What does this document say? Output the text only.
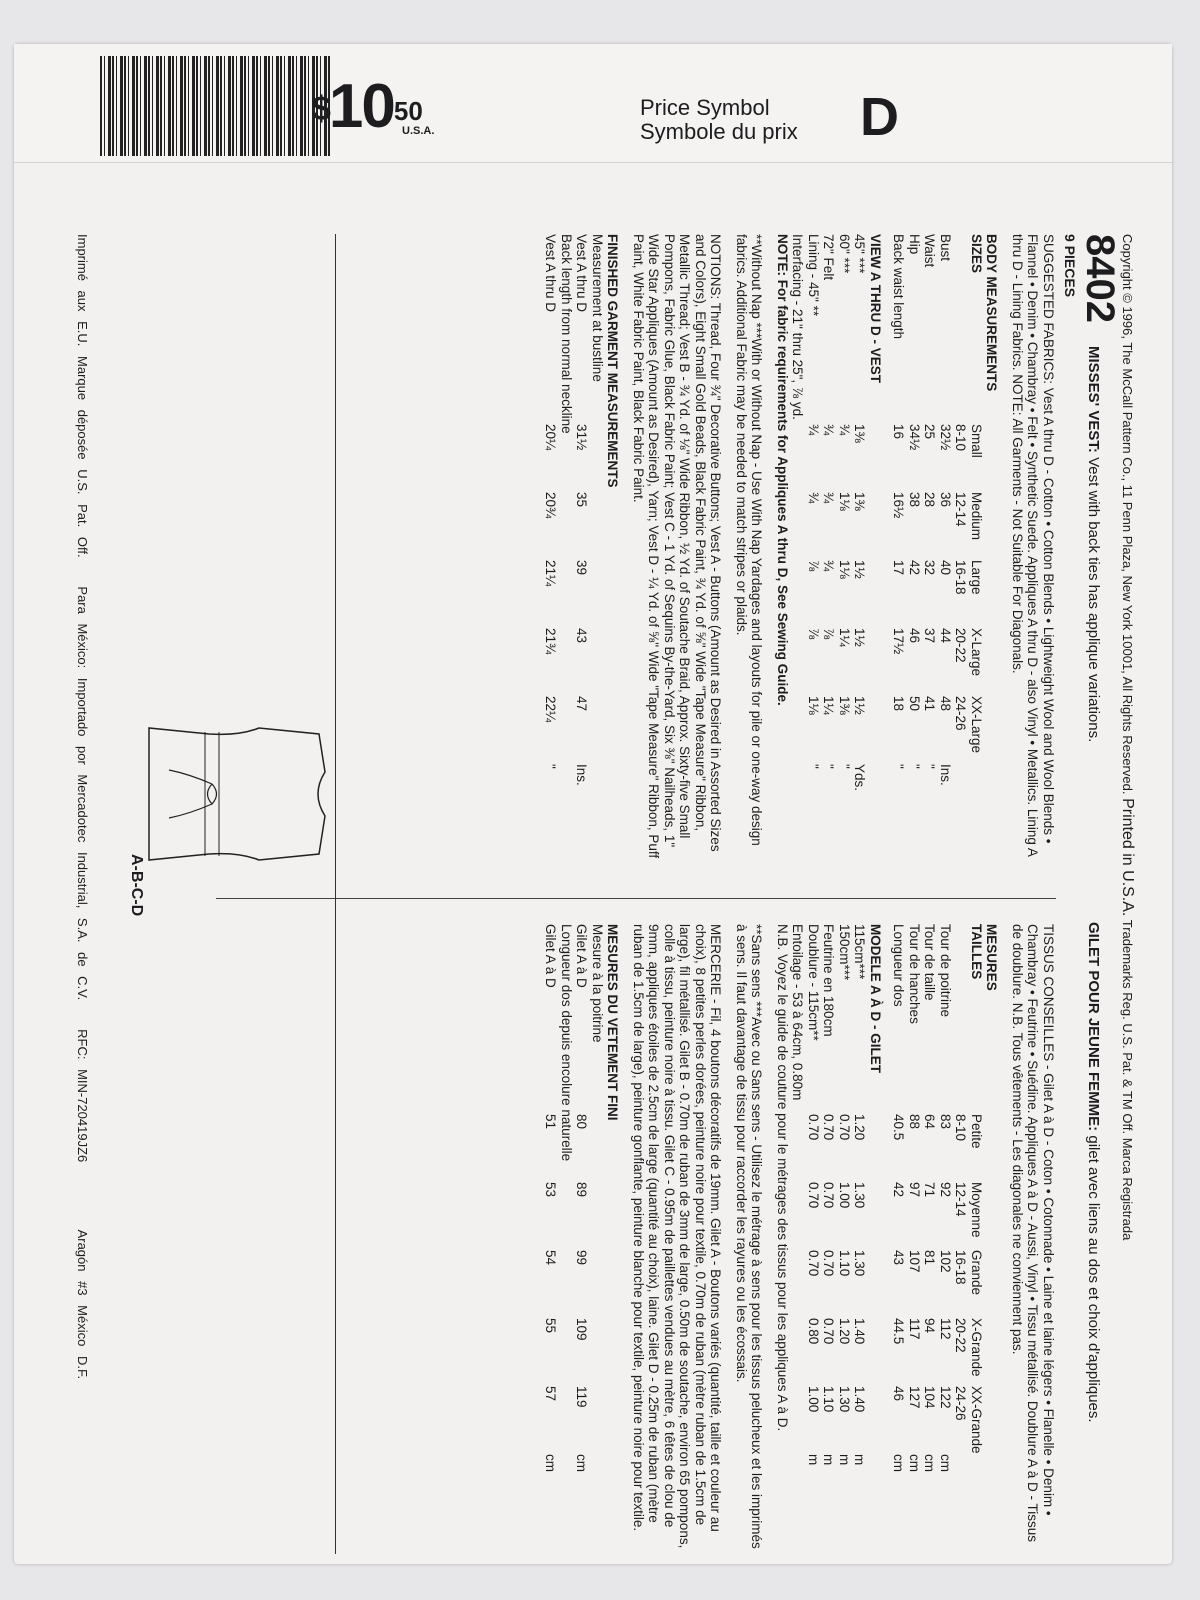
$^{\$}10^{50}$
U.S.A.
Price Symbol
Symbole du prix D
Copyright © 1996, The McCall Pattern Co., 11 Penn Plaza, New York 10001, All Rights Reserved. Printed in U.S.A. Trademarks Reg. U.S. Pat. & TM Off. Marca Registrada
8402
9 PIECES
MISSES' VEST: Vest with back ties has applique variations.
GILET POUR JEUNE FEMME: gilet avec liens au dos et choix d'appliques.

SUGGESTED FABRICS: Vest A thru D - Cotton • Cotton Blends • Lightweight Wool and Wool Blends • Flannel • Denim • Chambray • Felt • Synthetic Suede. Appliques A thru D - also Vinyl • Metallics. Lining A thru D - Lining Fabrics. NOTE: All Garments - Not Suitable For Diagonals.

BODY MEASUREMENTS
SIZES	Small	Medium	Large	X-Large	XX-Large	
	8-10	12-14	16-18	20-22	24-26	
Bust	32½	36	40	44	48	Ins.
Waist	25	28	32	37	41	"
Hip	34½	38	42	46	50	"
Back waist length	16	16½	17	17½	18	"
VIEW A THRU D - VEST
45" ***	1⅜	1⅜	1½	1½	1½	Yds.
60" ***	¾	1⅛	1⅛	1¼	1⅜	"
72" Felt	¾	¾	¾	⅞	1¼	"
Lining - 45" **	¾	¾	⅞	⅞	1⅛	"
Interfacing - 21" thru 25", ⅞ yd.

NOTE: For fabric requirements for Appliques A thru D, See Sewing Guide.

**Without Nap ***With or Without Nap - Use With Nap Yardages and layouts for pile or one-way design fabrics. Additional Fabric may be needed to match stripes or plaids.

NOTIONS: Thread, Four ¾" Decorative Buttons; Vest A - Buttons (Amount as Desired in Assorted Sizes and Colors), Eight Small Gold Beads, Black Fabric Paint, ¾ Yd. of ⅝" Wide "Tape Measure" Ribbon, Metallic Thread; Vest B - ¾ Yd. of ⅛" Wide Ribbon, ½ Yd. of Soutache Braid, Approx. Sixty-five Small Pompons, Fabric Glue, Black Fabric Paint; Vest C - 1 Yd. of Sequins By-the-Yard, Six ⅜" Nailheads, 1" Wide Star Appliques (Amount as Desired), Yarn; Vest D - ¼ Yd. of ⅝" Wide "Tape Measure" Ribbon, Puff Paint, White Fabric Paint, Black Fabric Paint.

FINISHED GARMENT MEASUREMENTS
Measurement at bustline						
Vest A thru D	31½	35	39	43	47	Ins.
Back length from normal neckline						
Vest A thru D	20¼	20¾	21¼	21¾	22¼	"

TISSUS CONSEILLES - Gilet A à D - Coton • Cotonnade • Laine et laine légers • Flanelle • Denim • Chambray • Feutrine • Suédine. Appliques A à D - Aussi, Vinyl • Tissu métallisé. Doublure A à D - Tissus de doublure. N.B. Tous vêtements - Les diagonales ne conviennent pas.

MESURES
TAILLES	Petite	Moyenne	Grande	X-Grande	XX-Grande	
	8-10	12-14	16-18	20-22	24-26	
Tour de poitrine	83	92	102	112	122	cm
Tour de taille	64	71	81	94	104	cm
Tour de hanches	88	97	107	117	127	cm
Longueur dos	40.5	42	43	44.5	46	cm
MODELE A À D - GILET
115cm***	1.20	1.30	1.30	1.40	1.40	m
150cm***	0.70	1.00	1.10	1.20	1.30	m
Feutrine en 180cm	0.70	0.70	0.70	0.70	1.10	m
Doublure - 115cm**	0.70	0.70	0.70	0.80	1.00	m
Entoilage - 53 à 64cm, 0.80m

N.B. Voyez le guide de couture pour le métrages des tissus pour les appliques A à D.

**Sans sens ***Avec ou Sans sens - Utilisez le métrage à sens pour les tissus pelucheux et les imprimés à sens. Il faut davantage de tissu pour raccorder les rayures ou les écossais.

MERCERIE - Fil, 4 boutons décoratifs de 19mm. Gilet A - Boutons variés (quantité, taille et couleur au choix), 8 petites perles dorées, peinture noire pour textile, 0.70m de ruban (mètre ruban de 1.5cm de large), fil métallisé. Gilet B - 0.70m de ruban de 3mm de large, 0.50m de soutache, environ 65 pompons, colle à tissu, peinture noire à tissu. Gilet C - 0.95m de paillettes vendues au mètre, 6 têtes de clou de 9mm, appliques étoiles de 2.5cm de large (quantité au choix), laine. Gilet D - 0.25m de ruban (mètre ruban de 1.5cm de large), peinture gonflante, peinture blanche pour textile, peinture noire pour textile.

MESURES DU VETEMENT FINI
Mesure à la poitrine						
Gilet A à D	80	89	99	109	119	cm
Longueur dos depuis encolure naturelle						
Gilet A à D	51	53	54	55	57	cm
A-B-C-D
Imprimé aux E.U. Marque déposée U.S. Pat. Off.   Para México: Importado por Mercadotec Industrial, S.A. de C.V.   RFC: MIN-720419JZ6       Aragón #3 México D.F.
